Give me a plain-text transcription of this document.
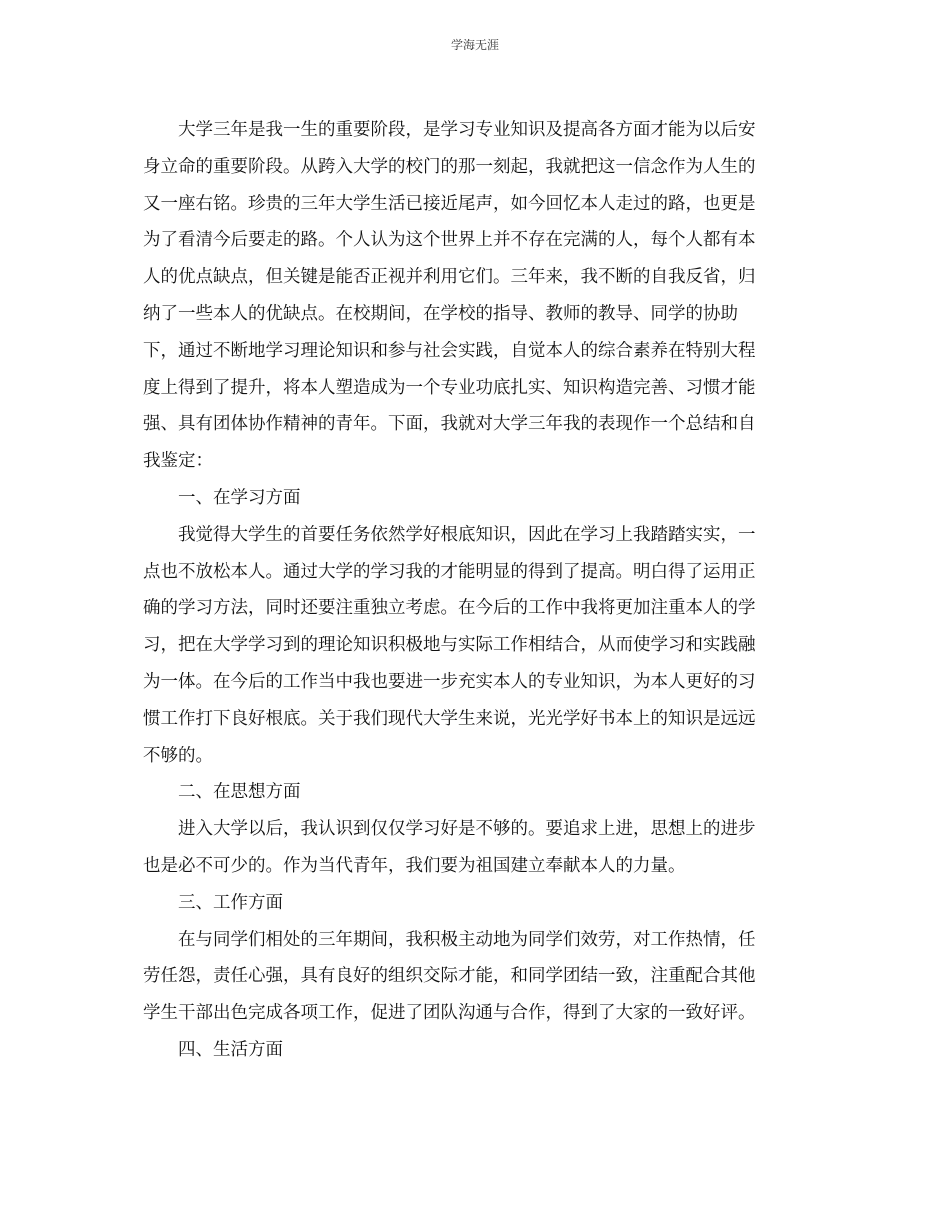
学海无涯
大学三年是我一生的重要阶段，是学习专业知识及提高各方面才能为以后安
身立命的重要阶段。从跨入大学的校门的那一刻起，我就把这一信念作为人生的
又一座右铭。珍贵的三年大学生活已接近尾声，如今回忆本人走过的路，也更是
为了看清今后要走的路。个人认为这个世界上并不存在完满的人，每个人都有本
人的优点缺点，但关键是能否正视并利用它们。三年来，我不断的自我反省，归
纳了一些本人的优缺点。在校期间，在学校的指导、教师的教导、同学的协助
下，通过不断地学习理论知识和参与社会实践，自觉本人的综合素养在特别大程
度上得到了提升，将本人塑造成为一个专业功底扎实、知识构造完善、习惯才能
强、具有团体协作精神的青年。下面，我就对大学三年我的表现作一个总结和自
我鉴定：
一、在学习方面
我觉得大学生的首要任务依然学好根底知识，因此在学习上我踏踏实实，一
点也不放松本人。通过大学的学习我的才能明显的得到了提高。明白得了运用正
确的学习方法，同时还要注重独立考虑。在今后的工作中我将更加注重本人的学
习，把在大学学习到的理论知识积极地与实际工作相结合，从而使学习和实践融
为一体。在今后的工作当中我也要进一步充实本人的专业知识，为本人更好的习
惯工作打下良好根底。关于我们现代大学生来说，光光学好书本上的知识是远远
不够的。
二、在思想方面
进入大学以后，我认识到仅仅学习好是不够的。要追求上进，思想上的进步
也是必不可少的。作为当代青年，我们要为祖国建立奉献本人的力量。
三、工作方面
在与同学们相处的三年期间，我积极主动地为同学们效劳，对工作热情，任
劳任怨，责任心强，具有良好的组织交际才能，和同学团结一致，注重配合其他
学生干部出色完成各项工作，促进了团队沟通与合作，得到了大家的一致好评。
四、生活方面
